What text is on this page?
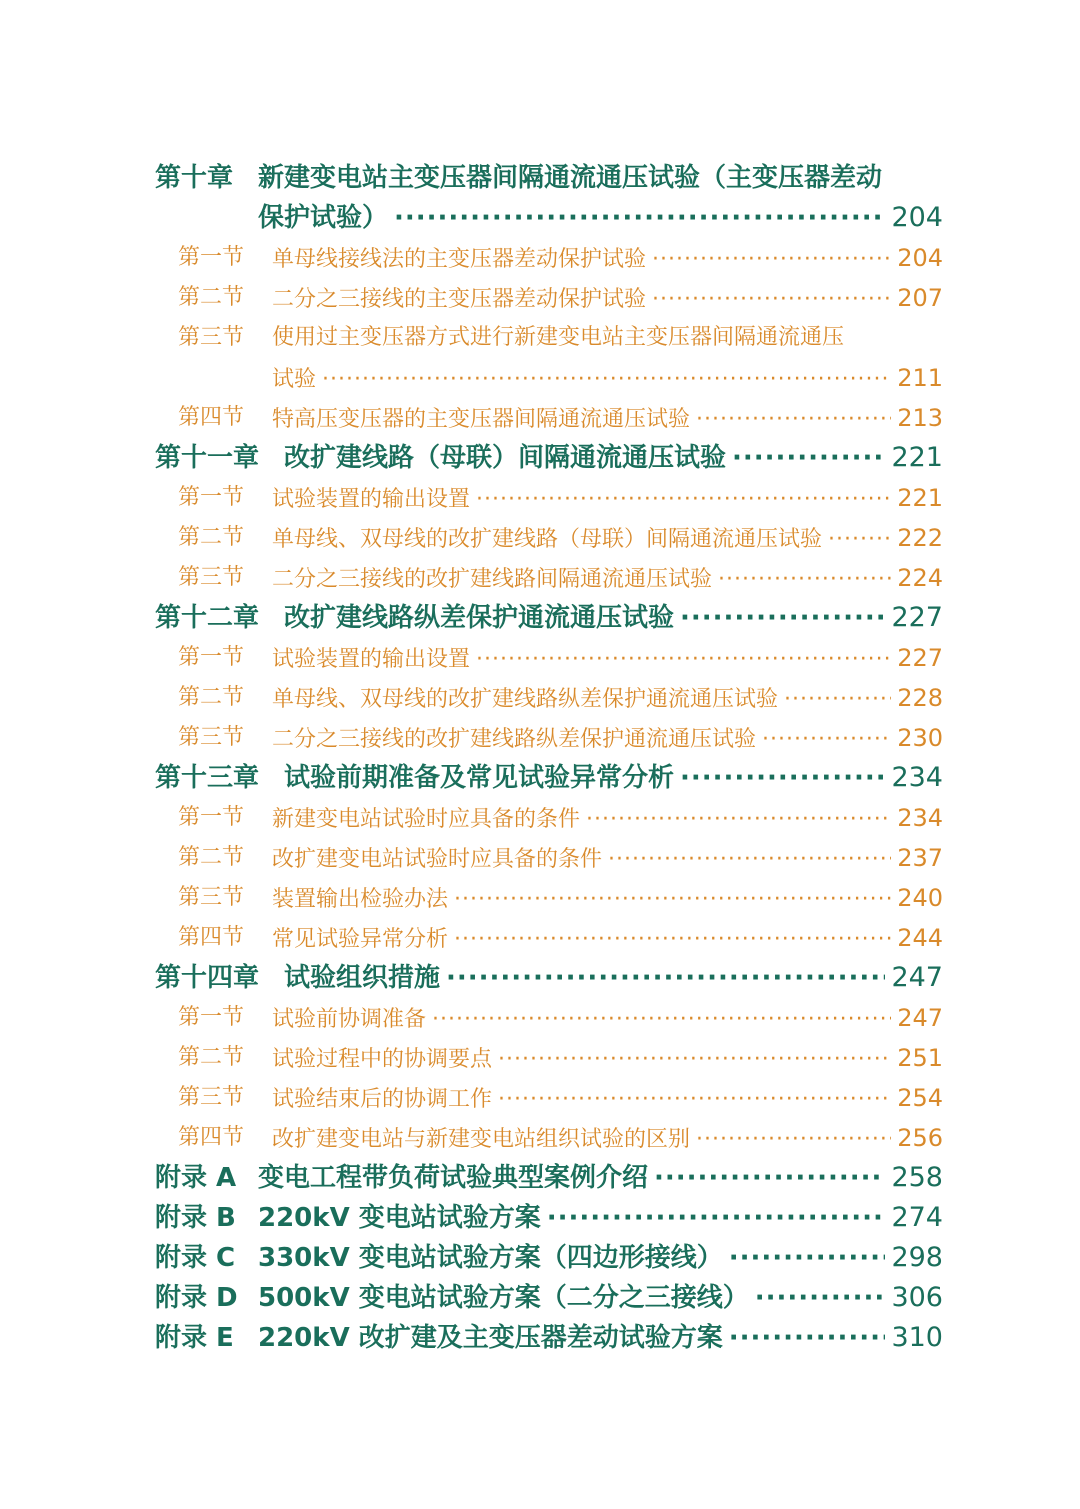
第十章 新建变电站主变压器间隔通流通压试验（主变压器差动
保护试验） ·····	204
第一节 单母线接线法的主变压器差动保护试验 ·····	204
第二节 二分之三接线的主变压器差动保护试验 ·····	207
第三节 使用过主变压器方式进行新建变电站主变压器间隔通流通压
试验 ·····	211
第四节 特高压变压器的主变压器间隔通流通压试验 ·····	213
第十一章 改扩建线路（母联）间隔通流通压试验 ·····	221
第一节 试验装置的输出设置 ·····	221
第二节 单母线、双母线的改扩建线路（母联）间隔通流通压试验 ·····	222
第三节 二分之三接线的改扩建线路间隔通流通压试验 ·····	224
第十二章 改扩建线路纵差保护通流通压试验 ·····	227
第一节 试验装置的输出设置 ·····	227
第二节 单母线、双母线的改扩建线路纵差保护通流通压试验 ·····	228
第三节 二分之三接线的改扩建线路纵差保护通流通压试验 ·····	230
第十三章 试验前期准备及常见试验异常分析 ·····	234
第一节 新建变电站试验时应具备的条件 ·····	234
第二节 改扩建变电站试验时应具备的条件 ·····	237
第三节 装置输出检验办法 ·····	240
第四节 常见试验异常分析 ·····	244
第十四章 试验组织措施 ·····	247
第一节 试验前协调准备 ·····	247
第二节 试验过程中的协调要点 ·····	251
第三节 试验结束后的协调工作 ·····	254
第四节 改扩建变电站与新建变电站组织试验的区别 ·····	256
附录 A 变电工程带负荷试验典型案例介绍 ·····	258
附录 B 220kV 变电站试验方案 ·····	274
附录 C 330kV 变电站试验方案（四边形接线） ·····	298
附录 D 500kV 变电站试验方案（二分之三接线） ·····	306
附录 E 220kV 改扩建及主变压器差动试验方案 ·····	310
